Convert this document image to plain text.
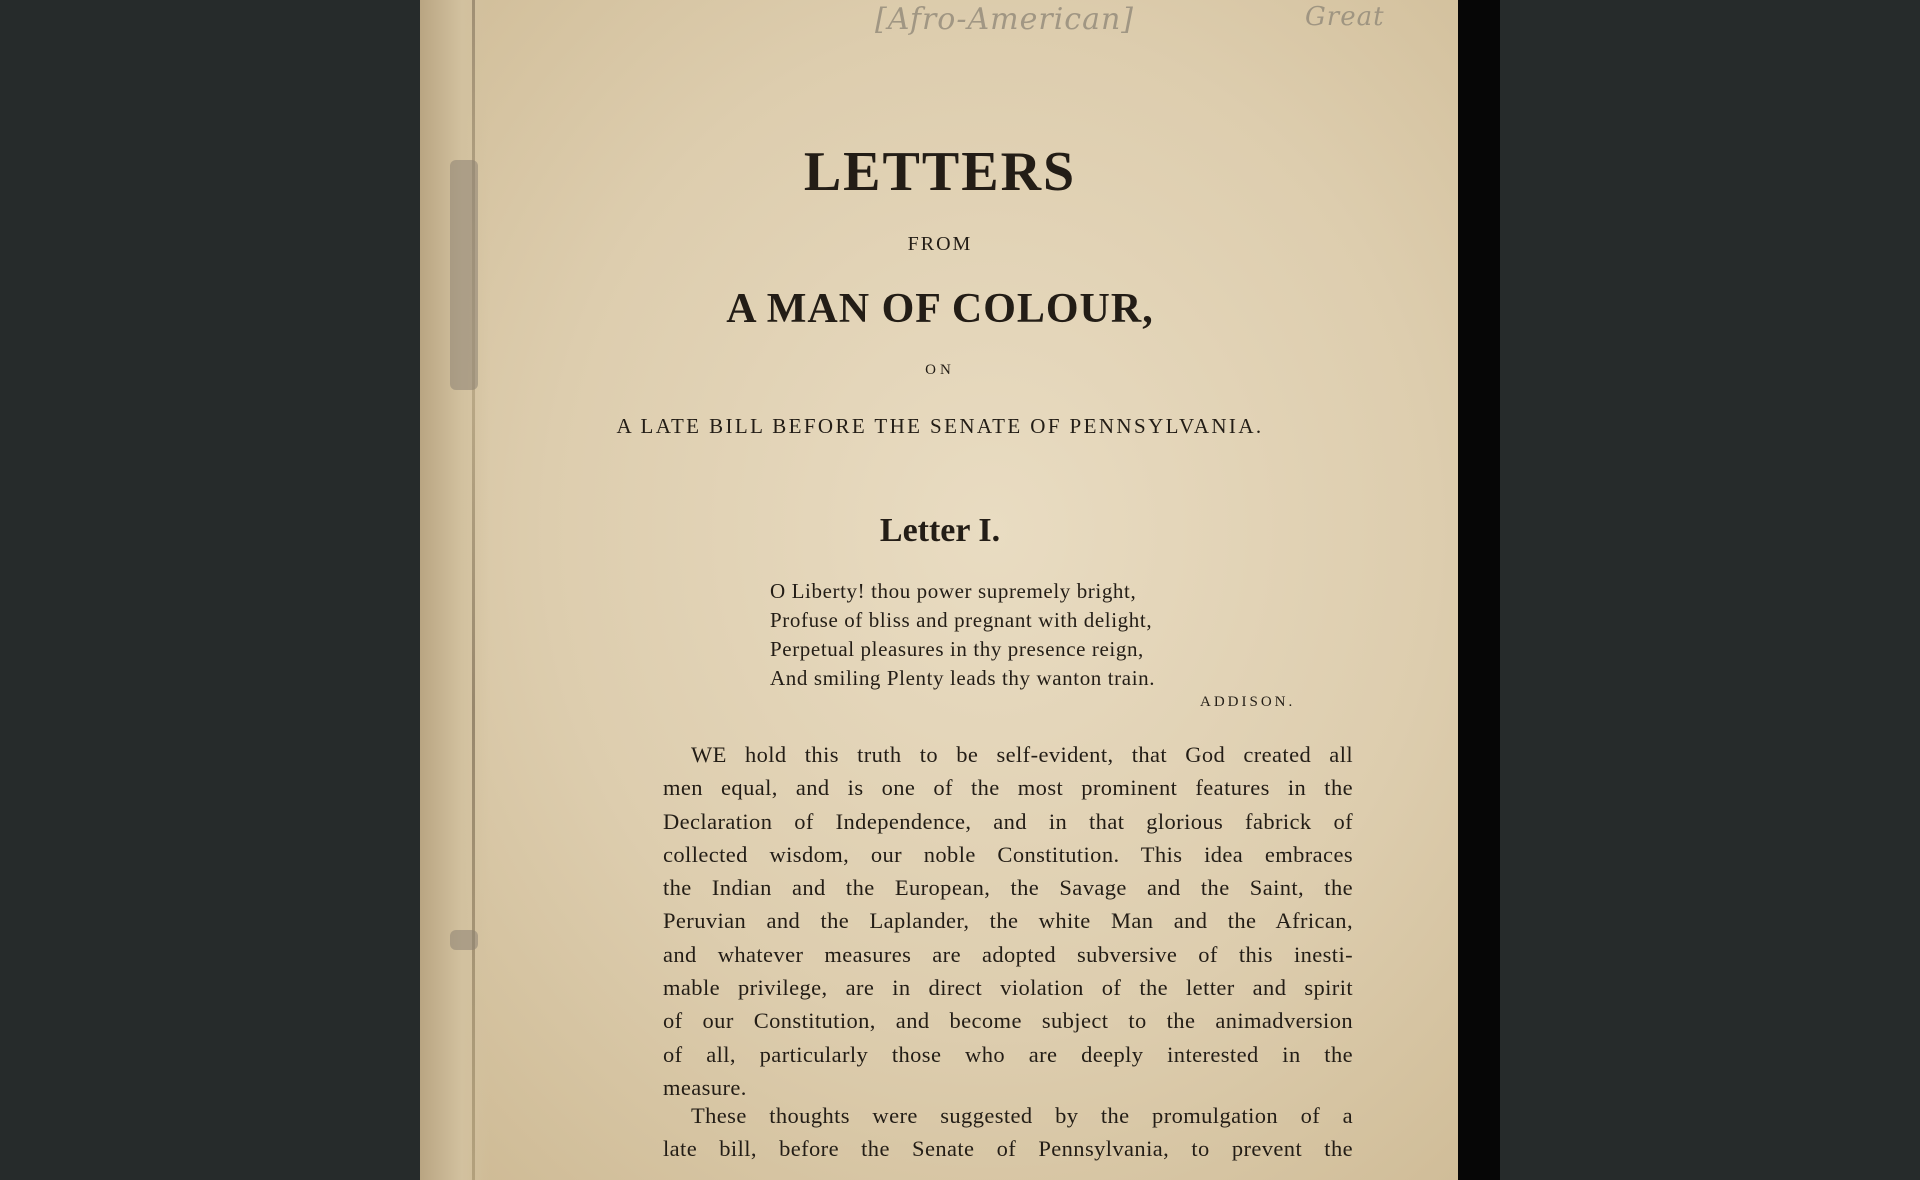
[Afro-American]	Great
LETTERS

FROM

A MAN OF COLOUR,

ON

A LATE BILL BEFORE THE SENATE OF PENNSYLVANIA.

Letter I.
O Liberty! thou power supremely bright,
Profuse of bliss and pregnant with delight,
Perpetual pleasures in thy presence reign,
And smiling Plenty leads thy wanton train.
ADDISON.
WE hold this truth to be self-evident, that God created all
men equal, and is one of the most prominent features in the
Declaration of Independence, and in that glorious fabrick of
collected wisdom, our noble Constitution. This idea embraces
the Indian and the European, the Savage and the Saint, the
Peruvian and the Laplander, the white Man and the African,
and whatever measures are adopted subversive of this inesti-
mable privilege, are in direct violation of the letter and spirit
of our Constitution, and become subject to the animadversion
of all, particularly those who are deeply interested in the
measure.
These thoughts were suggested by the promulgation of a
late bill, before the Senate of Pennsylvania, to prevent the
